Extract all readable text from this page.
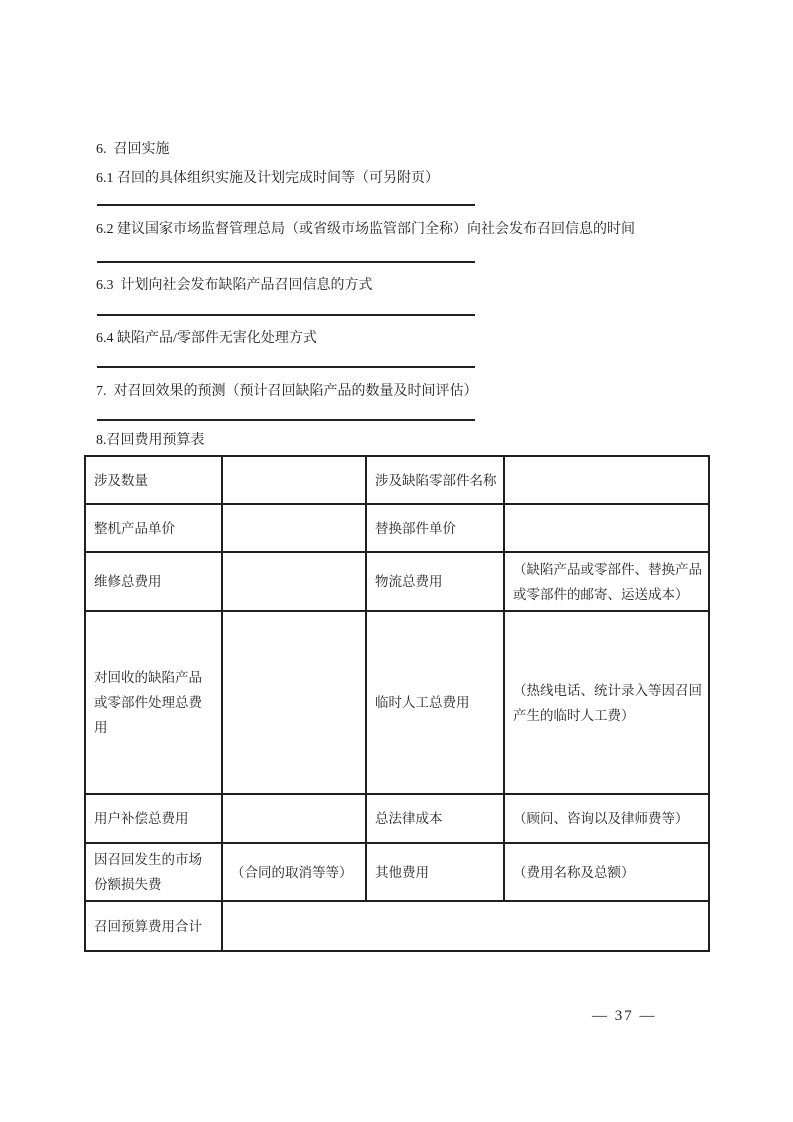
6.  召回实施
6.1 召回的具体组织实施及计划完成时间等（可另附页）
6.2 建议国家市场监督管理总局（或省级市场监管部门全称）向社会发布召回信息的时间
6.3  计划向社会发布缺陷产品召回信息的方式
6.4 缺陷产品/零部件无害化处理方式
7.  对召回效果的预测（预计召回缺陷产品的数量及时间评估）
8.召回费用预算表
涉及数量		涉及缺陷零部件名称	
整机产品单价		替换部件单价	
维修总费用		物流总费用	（缺陷产品或零部件、替换产品
或零部件的邮寄、运送成本）
对回收的缺陷产品
或零部件处理总费
用		临时人工总费用	（热线电话、统计录入等因召回
产生的临时人工费）
用户补偿总费用		总法律成本	（顾问、咨询以及律师费等）
因召回发生的市场
份额损失费	（合同的取消等等）	其他费用	（费用名称及总额）
召回预算费用合计			
— 37 —
